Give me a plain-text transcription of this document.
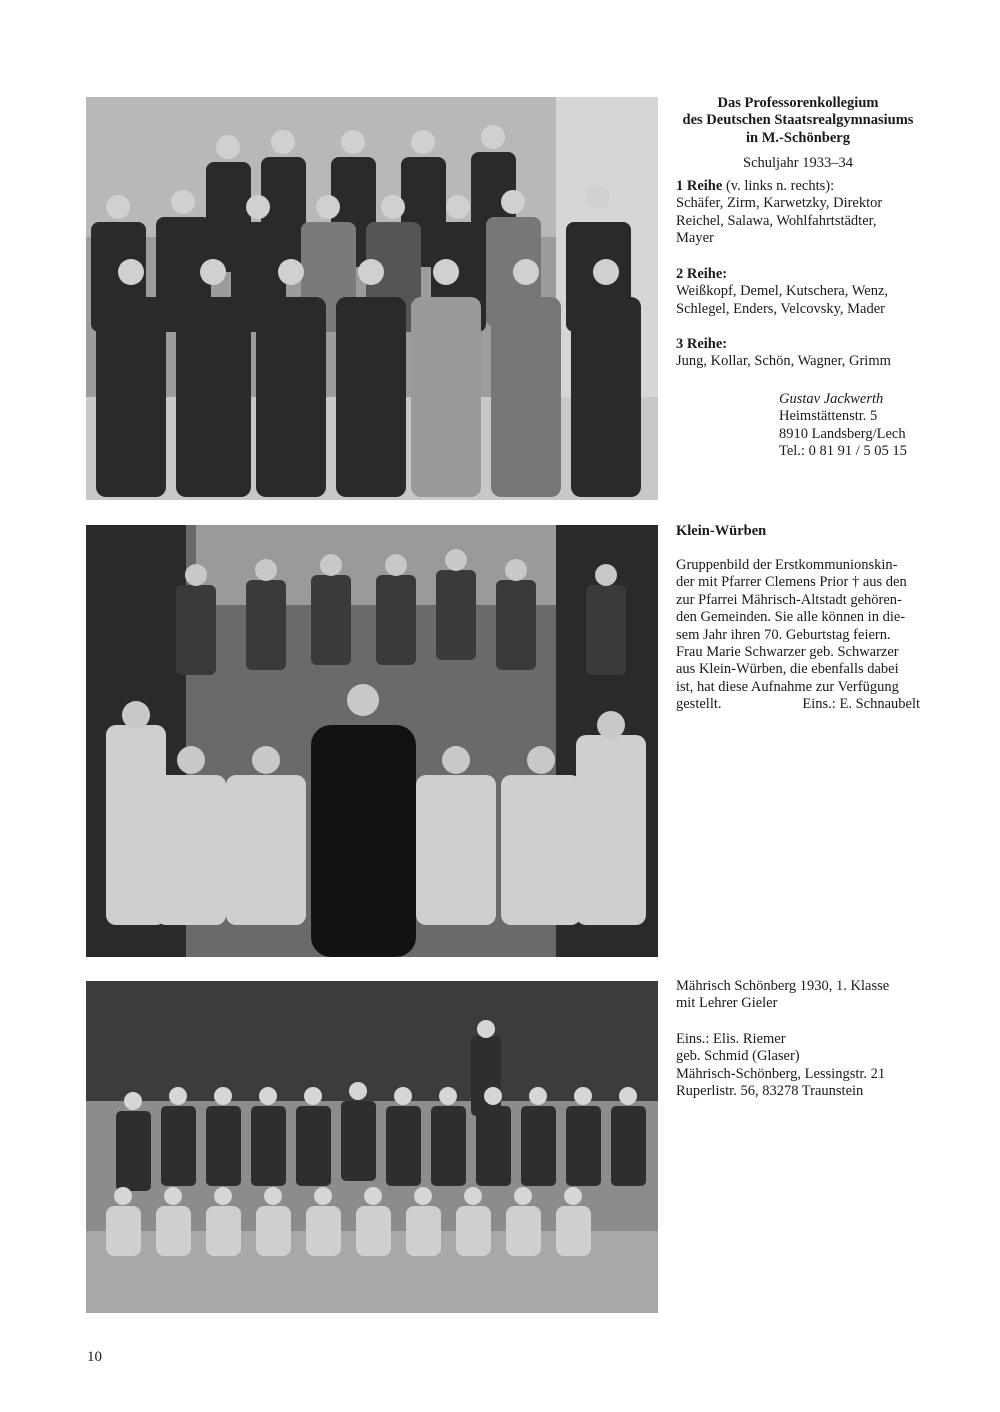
Das Professorenkollegium

des Deutschen Staatsrealgymnasiums

in M.-Schönberg

Schuljahr 1933–34

1 Reihe (v. links n. rechts):

Schäfer, Zirm, Karwetzky, Direktor

Reichel, Salawa, Wohlfahrtstädter,

Mayer

2 Reihe:

Weißkopf, Demel, Kutschera, Wenz,

Schlegel, Enders, Velcovsky, Mader

3 Reihe:

Jung, Kollar, Schön, Wagner, Grimm

Gustav Jackwerth

Heimstättenstr. 5

8910 Landsberg/Lech

Tel.: 0 81 91 / 5 05 15

Klein-Würben

Gruppenbild der Erstkommunionskin-

der mit Pfarrer Clemens Prior † aus den

zur Pfarrei Mährisch-Altstadt gehören-

den Gemeinden. Sie alle können in die-

sem Jahr ihren 70. Geburtstag feiern.

Frau Marie Schwarzer geb. Schwarzer

aus Klein-Würben, die ebenfalls dabei

ist, hat diese Aufnahme zur Verfügung

gestellt.	Eins.: E. Schnaubelt

Mährisch Schönberg 1930, 1. Klasse

mit Lehrer Gieler

Eins.: Elis. Riemer

geb. Schmid (Glaser)

Mährisch-Schönberg, Lessingstr. 21

Ruperlistr. 56, 83278 Traunstein

10
